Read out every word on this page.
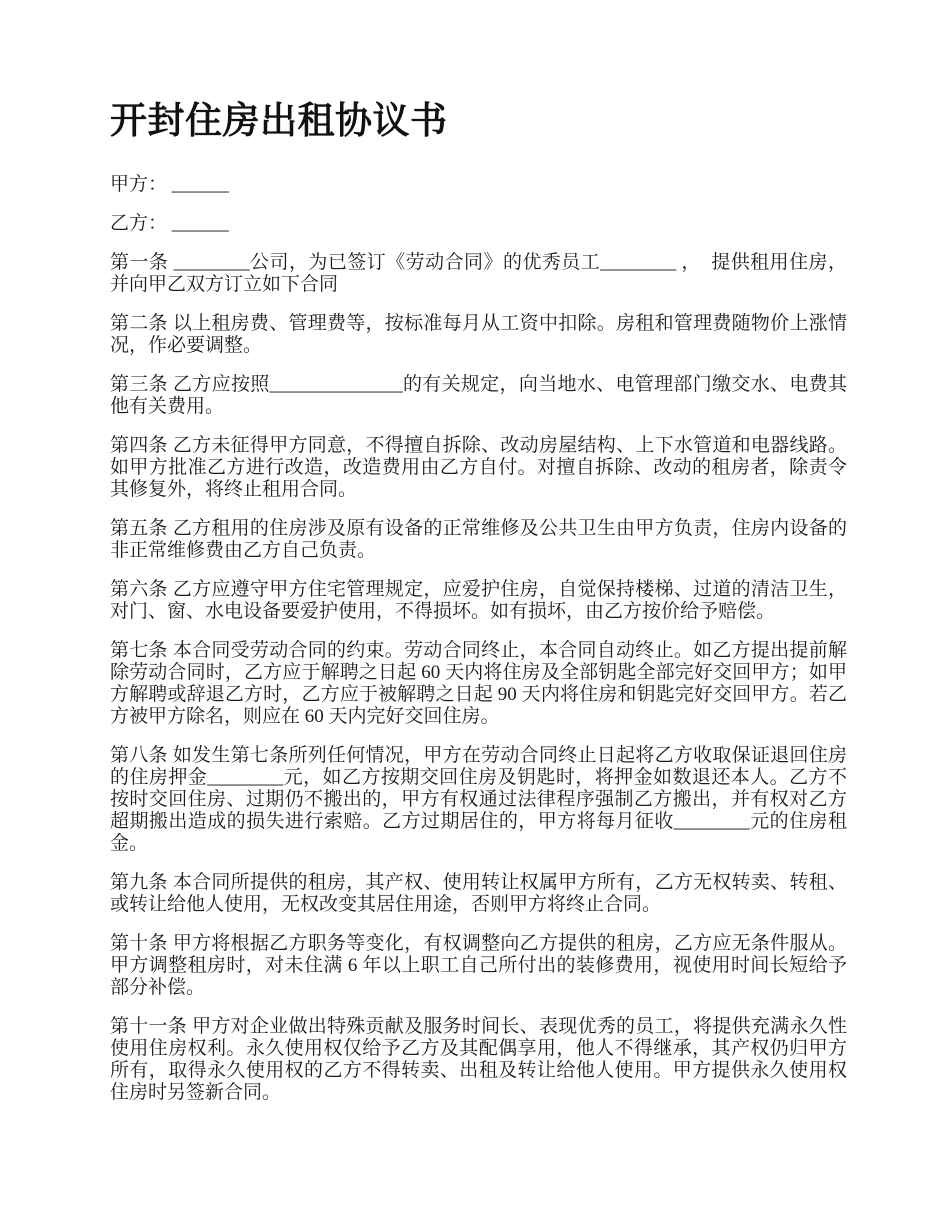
开封住房出租协议书

甲方： ______

乙方： ______

第一条 ________公司，为已签订《劳动合同》的优秀员工________ ，  提供租用住房，并向甲乙双方订立如下合同

第二条 以上租房费、管理费等，按标准每月从工资中扣除。房租和管理费随物价上涨情况，作必要调整。

第三条 乙方应按照______________的有关规定，向当地水、电管理部门缴交水、电费其他有关费用。

第四条 乙方未征得甲方同意，不得擅自拆除、改动房屋结构、上下水管道和电器线路。如甲方批准乙方进行改造，改造费用由乙方自付。对擅自拆除、改动的租房者，除责令其修复外，将终止租用合同。

第五条 乙方租用的住房涉及原有设备的正常维修及公共卫生由甲方负责，住房内设备的非正常维修费由乙方自己负责。

第六条 乙方应遵守甲方住宅管理规定，应爱护住房，自觉保持楼梯、过道的清洁卫生，对门、窗、水电设备要爱护使用，不得损坏。如有损坏，由乙方按价给予赔偿。

第七条 本合同受劳动合同的约束。劳动合同终止，本合同自动终止。如乙方提出提前解除劳动合同时，乙方应于解聘之日起 60 天内将住房及全部钥匙全部完好交回甲方；如甲方解聘或辞退乙方时，乙方应于被解聘之日起 90 天内将住房和钥匙完好交回甲方。若乙方被甲方除名，则应在 60 天内完好交回住房。

第八条 如发生第七条所列任何情况，甲方在劳动合同终止日起将乙方收取保证退回住房的住房押金________元，如乙方按期交回住房及钥匙时，将押金如数退还本人。乙方不按时交回住房、过期仍不搬出的，甲方有权通过法律程序强制乙方搬出，并有权对乙方超期搬出造成的损失进行索赔。乙方过期居住的，甲方将每月征收________元的住房租金。

第九条 本合同所提供的租房，其产权、使用转让权属甲方所有，乙方无权转卖、转租、或转让给他人使用，无权改变其居住用途，否则甲方将终止合同。

第十条 甲方将根据乙方职务等变化，有权调整向乙方提供的租房，乙方应无条件服从。甲方调整租房时，对未住满 6 年以上职工自己所付出的装修费用，视使用时间长短给予部分补偿。

第十一条 甲方对企业做出特殊贡献及服务时间长、表现优秀的员工，将提供充满永久性使用住房权利。永久使用权仅给予乙方及其配偶享用，他人不得继承，其产权仍归甲方所有，取得永久使用权的乙方不得转卖、出租及转让给他人使用。甲方提供永久使用权住房时另签新合同。
